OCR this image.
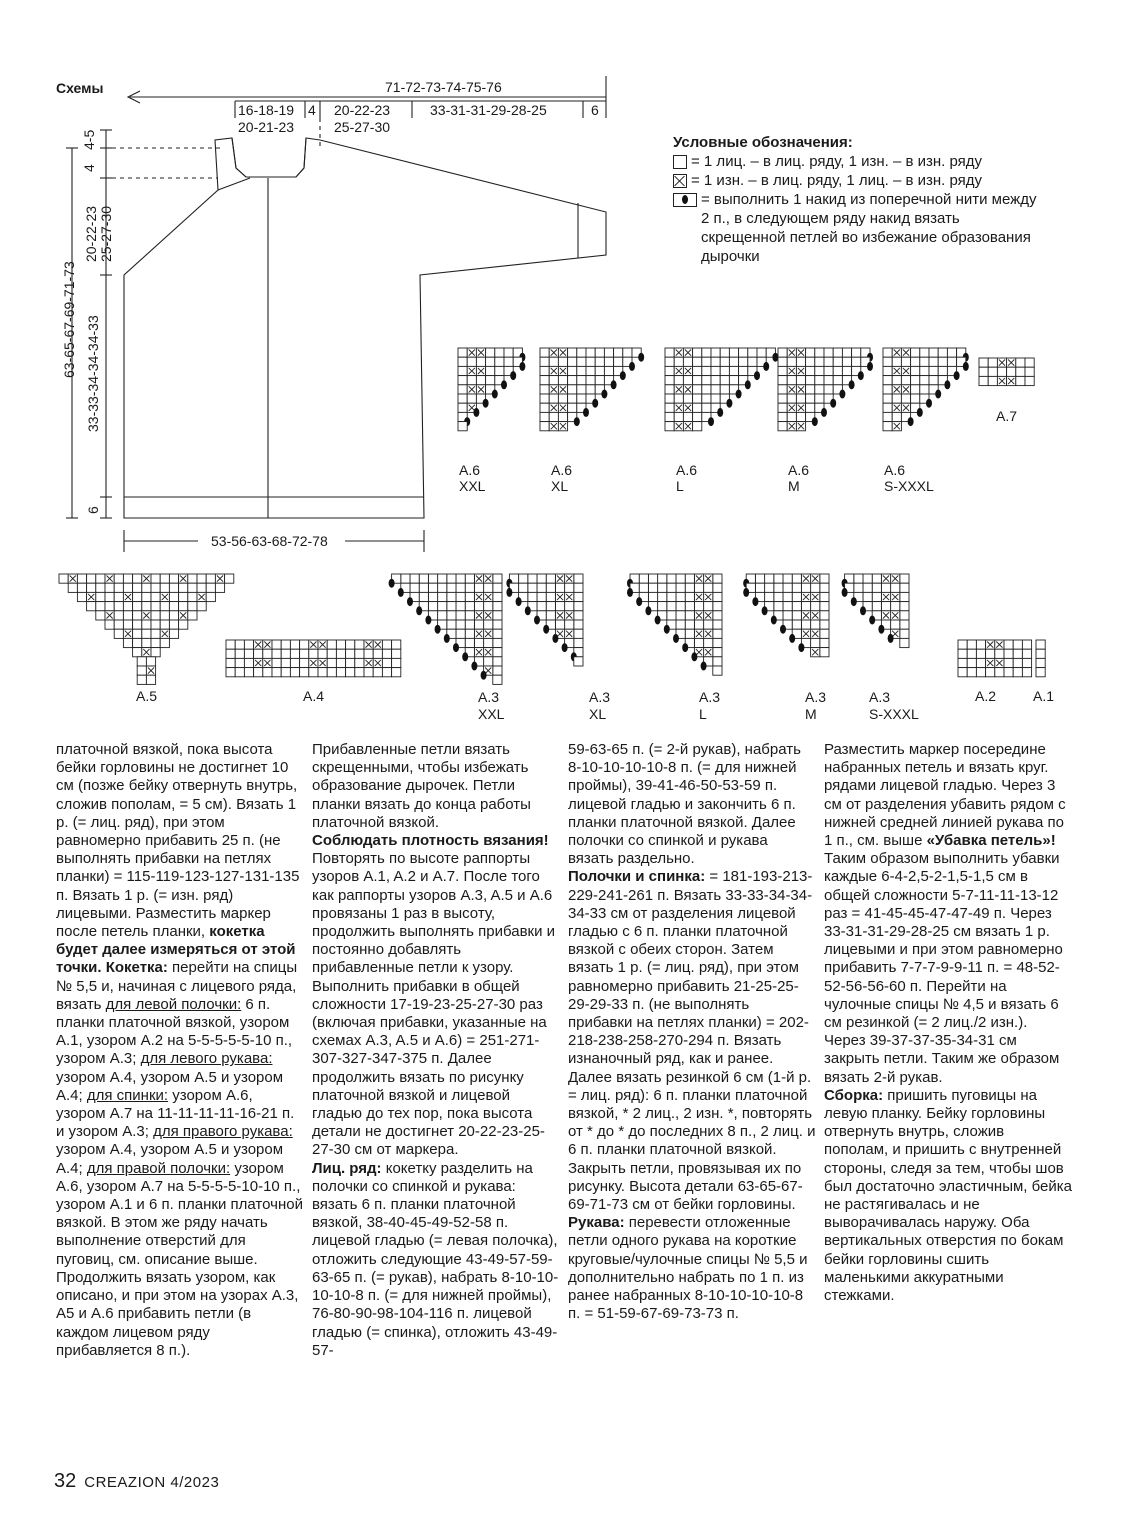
Схемы	71-72-73-74-75-76
16-18-19
20-21-23
4 20-22-23
25-27-30
33-31-31-29-28-25	6
53-56-63-68-72-78
4-5
4
20-22-23 25-27-30
63-65-67-69-71-73 33-33-34-34-34-33
6
Условные обозначения:
= 1 лиц. – в лиц. ряду, 1 изн. – в изн. ряду
= 1 изн. – в лиц. ряду, 1 лиц. – в изн. ряду
= выполнить 1 накид из поперечной нити между 2 п., в следующем ряду накид вязать скрещенной петлей во избежание образования дырочки
A.6
XXL
A.6
XL
A.6
L
A.6
M
A.6
S-XXXL
A.7
A.5	A.4	A.3
XXL
A.3
XL
A.3
L
A.3
M
A.3
S-XXXL
A.2	A.1
платочной вязкой, пока высота бейки горловины не достигнет 10 см (позже бейку отвернуть внутрь, сложив пополам, = 5 см). Вязать 1 р. (= лиц. ряд), при этом равномерно прибавить 25 п. (не выполнять прибавки на петлях планки) = 115-119-123-127-131-135 п. Вязать 1 р. (= изн. ряд) лицевыми. Разместить маркер после петель планки, кокетка будет далее измеряться от этой точки. Кокетка: перейти на спицы № 5,5 и, начиная с лицевого ряда, вязать для левой полочки: 6 п. планки платочной вязкой, узором A.1, узором A.2 на 5-5-5-5-5-10 п., узором A.3; для левого рукава: узором A.4, узором A.5 и узором A.4; для спинки: узором A.6, узором A.7 на 11-11-11-11-16-21 п. и узором A.3; для правого рукава: узором A.4, узором A.5 и узором A.4; для правой полочки: узором A.6, узором A.7 на 5-5-5-5-10-10 п., узором A.1 и 6 п. планки платочной вязкой. В этом же ряду начать выполнение отверстий для пуговиц, см. описание выше. Продолжить вязать узором, как описано, и при этом на узорах A.3, A5 и A.6 прибавить петли (в каждом лицевом ряду прибавляется 8 п.).
Прибавленные петли вязать скрещенными, чтобы избежать образование дырочек. Петли планки вязать до конца работы платочной вязкой.
Соблюдать плотность вязания!
Повторять по высоте раппорты узоров A.1, A.2 и A.7. После того как раппорты узоров A.3, A.5 и A.6 провязаны 1 раз в высоту, продолжить выполнять прибавки и постоянно добавлять прибавленные петли к узору. Выполнить прибавки в общей сложности 17-19-23-25-27-30 раз (включая прибавки, указанные на схемах A.3, A.5 и A.6) = 251-271-307-327-347-375 п. Далее продолжить вязать по рисунку платочной вязкой и лицевой гладью до тех пор, пока высота детали не достигнет 20-22-23-25-27-30 см от маркера.
Лиц. ряд: кокетку разделить на полочки со спинкой и рукава: вязать 6 п. планки платочной вязкой, 38-40-45-49-52-58 п. лицевой гладью (= левая полочка), отложить следующие 43-49-57-59-63-65 п. (= рукав), набрать 8-10-10-10-10-8 п. (= для нижней проймы), 76-80-90-98-104-116 п. лицевой гладью (= спинка), отложить 43-49-57-
59-63-65 п. (= 2-й рукав), набрать 8-10-10-10-10-8 п. (= для нижней проймы), 39-41-46-50-53-59 п. лицевой гладью и закончить 6 п. планки платочной вязкой. Далее полочки со спинкой и рукава вязать раздельно.
Полочки и спинка: = 181-193-213-229-241-261 п. Вязать 33-33-34-34-34-33 см от разделения лицевой гладью с 6 п. планки платочной вязкой с обеих сторон. Затем вязать 1 р. (= лиц. ряд), при этом равномерно прибавить 21-25-25-29-29-33 п. (не выполнять прибавки на петлях планки) = 202-218-238-258-270-294 п. Вязать изнаночный ряд, как и ранее. Далее вязать резинкой 6 см (1-й р. = лиц. ряд): 6 п. планки платочной вязкой, * 2 лиц., 2 изн. *, повторять от * до * до последних 8 п., 2 лиц. и 6 п. планки платочной вязкой. Закрыть петли, провязывая их по рисунку. Высота детали 63-65-67-69-71-73 см от бейки горловины.
Рукава: перевести отложенные петли одного рукава на короткие круговые/чулочные спицы № 5,5 и дополнительно набрать по 1 п. из ранее набранных 8-10-10-10-10-8 п. = 51-59-67-69-73-73 п.
Разместить маркер посередине набранных петель и вязать круг. рядами лицевой гладью. Через 3 см от разделения убавить рядом с нижней средней линией рукава по 1 п., см. выше «Убавка петель»! Таким образом выполнить убавки каждые 6-4-2,5-2-1,5-1,5 см в общей сложности 5-7-11-11-13-12 раз = 41-45-45-47-47-49 п. Через 33-31-31-29-28-25 см вязать 1 р. лицевыми и при этом равномерно прибавить 7-7-7-9-9-11 п. = 48-52-52-56-56-60 п. Перейти на чулочные спицы № 4,5 и вязать 6 см резинкой (= 2 лиц./2 изн.). Через 39-37-37-35-34-31 см закрыть петли. Таким же образом вязать 2-й рукав.
Сборка: пришить пуговицы на левую планку. Бейку горловины отвернуть внутрь, сложив пополам, и пришить с внутренней стороны, следя за тем, чтобы шов был достаточно эластичным, бейка не растягивалась и не выворачивалась наружу. Оба вертикальных отверстия по бокам бейки горловины сшить маленькими аккуратными стежками.
32 CREAZION 4/2023
